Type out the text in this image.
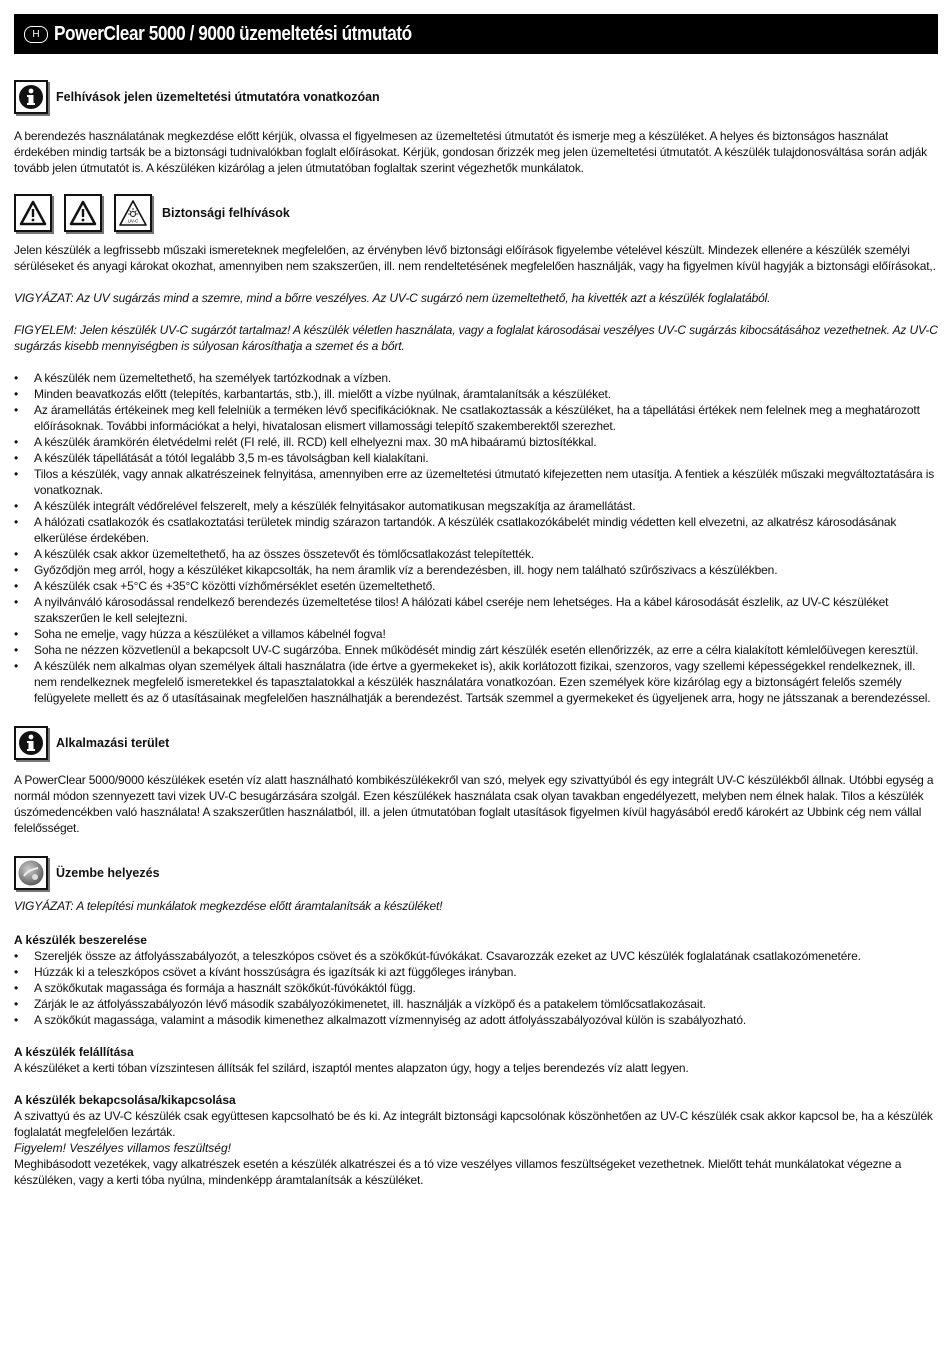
H PowerClear 5000 / 9000 üzemeltetési útmutató
Felhívások jelen üzemeltetési útmutatóra vonatkozóan

A berendezés használatának megkezdése előtt kérjük, olvassa el figyelmesen az üzemeltetési útmutatót és ismerje meg a készüléket. A helyes és biztonságos használat érdekében mindig tartsák be a biztonsági tudnivalókban foglalt előírásokat. Kérjük, gondosan őrizzék meg jelen üzemeltetési útmutatót. A készülék tulajdonosváltása során adják tovább jelen útmutatót is. A készüléken kizárólag a jelen útmutatóban foglaltak szerint végezhetők munkálatok.

UV-C
Biztonsági felhívások

Jelen készülék a legfrissebb műszaki ismereteknek megfelelően, az érvényben lévő biztonsági előírások figyelembe vételével készült. Mindezek ellenére a készülék személyi sérüléseket és anyagi károkat okozhat, amennyiben nem szakszerűen, ill. nem rendeltetésének megfelelően használják, vagy ha figyelmen kívül hagyják a biztonsági előírásokat,.

VIGYÁZAT: Az UV sugárzás mind a szemre, mind a bőrre veszélyes. Az UV-C sugárzó nem üzemeltethető, ha kivették azt a készülék foglalatából.

FIGYELEM: Jelen készülék UV-C sugárzót tartalmaz! A készülék véletlen használata, vagy a foglalat károsodásai veszélyes UV-C sugárzás kibocsátásához vezethetnek. Az UV-C sugárzás kisebb mennyiségben is súlyosan károsíthatja a szemet és a bőrt.

• A készülék nem üzemeltethető, ha személyek tartózkodnak a vízben.
• Minden beavatkozás előtt (telepítés, karbantartás, stb.), ill. mielőtt a vízbe nyúlnak, áramtalanítsák a készüléket.
• Az áramellátás értékeinek meg kell felelniük a terméken lévő specifikációknak. Ne csatlakoztassák a készüléket, ha a tápellátási értékek nem felelnek meg a meghatározott előírásoknak. További információkat a helyi, hivatalosan elismert villamossági telepítő szakemberektől szerezhet.
• A készülék áramkörén életvédelmi relét (FI relé, ill. RCD) kell elhelyezni max. 30 mA hibaáramú biztosítékkal.
• A készülék tápellátását a tótól legalább 3,5 m-es távolságban kell kialakítani.
• Tilos a készülék, vagy annak alkatrészeinek felnyitása, amennyiben erre az üzemeltetési útmutató kifejezetten nem utasítja. A fentiek a készülék műszaki megváltoztatására is vonatkoznak.
• A készülék integrált védőrelével felszerelt, mely a készülék felnyitásakor automatikusan megszakítja az áramellátást.
• A hálózati csatlakozók és csatlakoztatási területek mindig szárazon tartandók. A készülék csatlakozókábelét mindig védetten kell elvezetni, az alkatrész károsodásának elkerülése érdekében.
• A készülék csak akkor üzemeltethető, ha az összes összetevőt és tömlőcsatlakozást telepítették.
• Győződjön meg arról, hogy a készüléket kikapcsolták, ha nem áramlik víz a berendezésben, ill. hogy nem található szűrőszivacs a készülékben.
• A készülék csak +5°C és +35°C közötti vízhőmérséklet esetén üzemeltethető.
• A nyilvánváló károsodással rendelkező berendezés üzemeltetése tilos! A hálózati kábel cseréje nem lehetséges. Ha a kábel károsodását észlelik, az UV-C készüléket szakszerűen le kell selejtezni.
• Soha ne emelje, vagy húzza a készüléket a villamos kábelnél fogva!
• Soha ne nézzen közvetlenül a bekapcsolt UV-C sugárzóba. Ennek működését mindig zárt készülék esetén ellenőrizzék, az erre a célra kialakított kémlelőüvegen keresztül.
• A készülék nem alkalmas olyan személyek általi használatra (ide értve a gyermekeket is), akik korlátozott fizikai, szenzoros, vagy szellemi képességekkel rendelkeznek, ill. nem rendelkeznek megfelelő ismeretekkel és tapasztalatokkal a készülék használatára vonatkozóan. Ezen személyek köre kizárólag egy a biztonságért felelős személy felügyelete mellett és az ő utasításainak megfelelően használhatják a berendezést. Tartsák szemmel a gyermekeket és ügyeljenek arra, hogy ne játsszanak a berendezéssel.
Alkalmazási terület

A PowerClear 5000/9000 készülékek esetén víz alatt használható kombikészülékekről van szó, melyek egy szivattyúból és egy integrált UV-C készülékből állnak. Utóbbi egység a normál módon szennyezett tavi vizek UV-C besugárzására szolgál. Ezen készülékek használata csak olyan tavakban engedélyezett, melyben nem élnek halak. Tilos a készülék úszómedencékben való használata! A szakszerűtlen használatból, ill. a jelen útmutatóban foglalt utasítások figyelmen kívül hagyásából eredő károkért az Ubbink cég nem vállal felelősséget.

Üzembe helyezés

VIGYÁZAT: A telepítési munkálatok megkezdése előtt áramtalanítsák a készüléket!

A készülék beszerelése

• Szereljék össze az átfolyásszabályozót, a teleszkópos csövet és a szökőkút-fúvókákat. Csavarozzák ezeket az UVC készülék foglalatának csatlakozómenetére.
• Húzzák ki a teleszkópos csövet a kívánt hosszúságra és igazítsák ki azt függőleges irányban.
• A szökőkutak magassága és formája a használt szökőkút-fúvókáktól függ.
• Zárják le az átfolyásszabályozón lévő második szabályozókimenetet, ill. használják a vízköpő és a patakelem tömlőcsatlakozásait.
• A szökőkút magassága, valamint a második kimenethez alkalmazott vízmennyiség az adott átfolyásszabályozóval külön is szabályozható.

A készülék felállítása

A készüléket a kerti tóban vízszintesen állítsák fel szilárd, iszaptól mentes alapzaton úgy, hogy a teljes berendezés víz alatt legyen.

A készülék bekapcsolása/kikapcsolása

A szivattyú és az UV-C készülék csak együttesen kapcsolható be és ki. Az integrált biztonsági kapcsolónak köszönhetően az UV-C készülék csak akkor kapcsol be, ha a készülék foglalatát megfelelően lezárták.

Figyelem! Veszélyes villamos feszültség!

Meghibásodott vezetékek, vagy alkatrészek esetén a készülék alkatrészei és a tó vize veszélyes villamos feszültségeket vezethetnek. Mielőtt tehát munkálatokat végezne a készüléken, vagy a kerti tóba nyúlna, mindenképp áramtalanítsák a készüléket.
